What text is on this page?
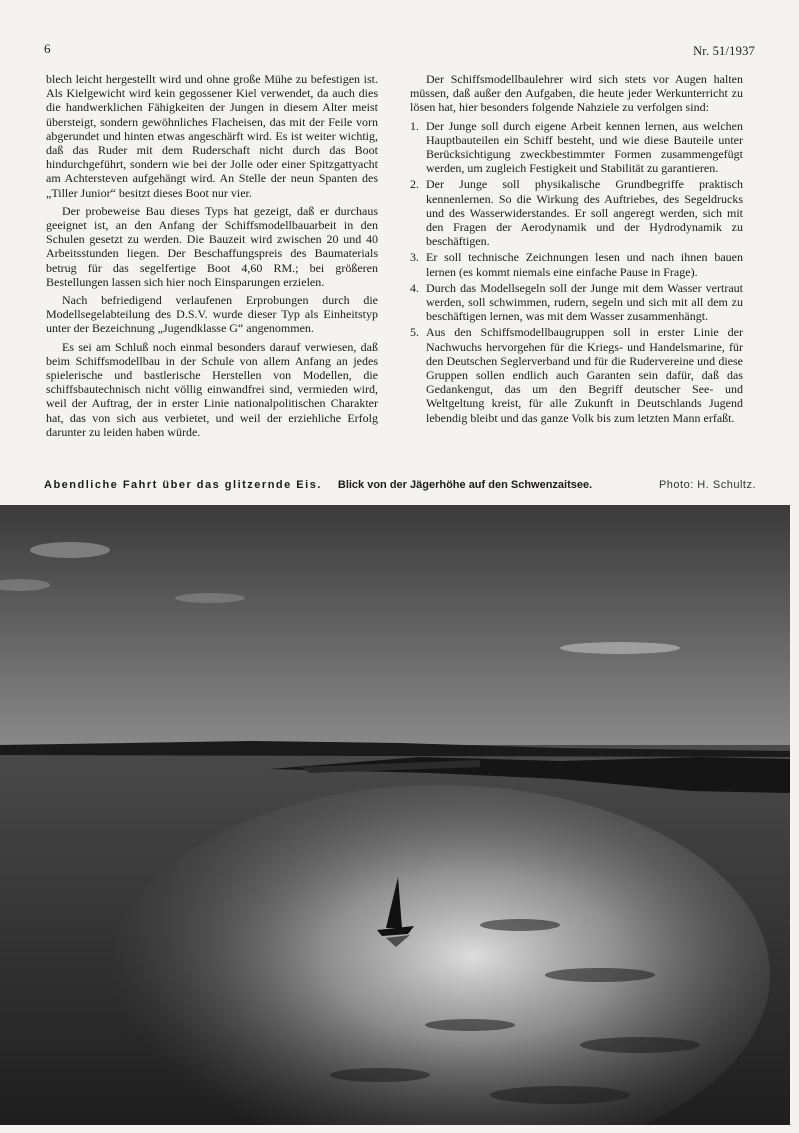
6	Nr. 51/1937

blech leicht hergestellt wird und ohne große Mühe zu befestigen ist. Als Kielgewicht wird kein gegossener Kiel verwendet, da auch dies die handwerklichen Fähigkeiten der Jungen in diesem Alter meist übersteigt, sondern gewöhnliches Flacheisen, das mit der Feile vorn abgerundet und hinten etwas angeschärft wird. Es ist weiter wichtig, daß das Ruder mit dem Ruderschaft nicht durch das Boot hindurchgeführt, sondern wie bei der Jolle oder einer Spitzgattyacht am Achtersteven aufgehängt wird. An Stelle der neun Spanten des „Tiller Junior“ besitzt dieses Boot nur vier.

Der probeweise Bau dieses Typs hat gezeigt, daß er durchaus geeignet ist, an den Anfang der Schiffsmodellbauarbeit in den Schulen gesetzt zu werden. Die Bauzeit wird zwischen 20 und 40 Arbeitsstunden liegen. Der Beschaffungspreis des Baumaterials betrug für das segelfertige Boot 4,60 RM.; bei größeren Bestellungen lassen sich hier noch Einsparungen erzielen.

Nach befriedigend verlaufenen Erprobungen durch die Modellsegelabteilung des D.S.V. wurde dieser Typ als Einheitstyp unter der Bezeichnung „Jugendklasse G“ angenommen.

Es sei am Schluß noch einmal besonders darauf verwiesen, daß beim Schiffsmodellbau in der Schule von allem Anfang an jedes spielerische und bastlerische Herstellen von Modellen, die schiffsbautechnisch nicht völlig einwandfrei sind, vermieden wird, weil der Auftrag, der in erster Linie nationalpolitischen Charakter hat, das von sich aus verbietet, und weil der erziehliche Erfolg darunter zu leiden haben würde.

Der Schiffsmodellbaulehrer wird sich stets vor Augen halten müssen, daß außer den Aufgaben, die heute jeder Werkunterricht zu lösen hat, hier besonders folgende Nahziele zu verfolgen sind:

1. Der Junge soll durch eigene Arbeit kennen lernen, aus welchen Hauptbauteilen ein Schiff besteht, und wie diese Bauteile unter Berücksichtigung zweckbestimmter Formen zusammengefügt werden, um zugleich Festigkeit und Stabilität zu garantieren.
2. Der Junge soll physikalische Grundbegriffe praktisch kennenlernen. So die Wirkung des Auftriebes, des Segeldrucks und des Wasserwiderstandes. Er soll angeregt werden, sich mit den Fragen der Aerodynamik und der Hydrodynamik zu beschäftigen.
3. Er soll technische Zeichnungen lesen und nach ihnen bauen lernen (es kommt niemals eine einfache Pause in Frage).
4. Durch das Modellsegeln soll der Junge mit dem Wasser vertraut werden, soll schwimmen, rudern, segeln und sich mit all dem zu beschäftigen lernen, was mit dem Wasser zusammenhängt.
5. Aus den Schiffsmodellbaugruppen soll in erster Linie der Nachwuchs hervorgehen für die Kriegs- und Handelsmarine, für den Deutschen Seglerverband und für die Rudervereine und diese Gruppen sollen endlich auch Garanten sein dafür, daß das Gedankengut, das um den Begriff deutscher See- und Weltgeltung kreist, für alle Zukunft in Deutschlands Jugend lebendig bleibt und das ganze Volk bis zum letzten Mann erfaßt.
Abendliche Fahrt über das glitzernde Eis. Blick von der Jägerhöhe auf den Schwenzaitsee.	Photo: H. Schultz.
